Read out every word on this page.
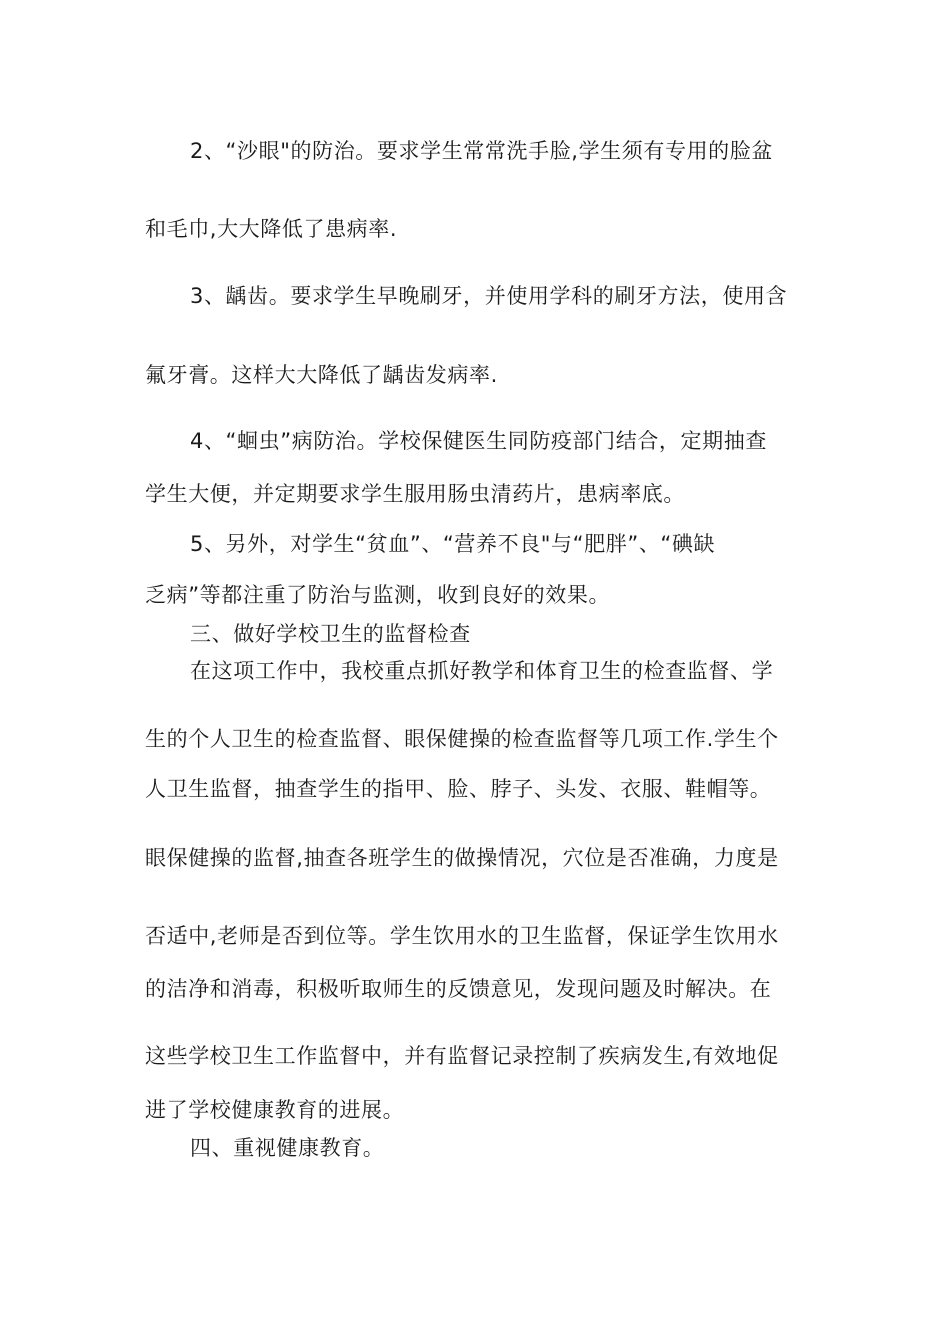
2、“沙眼"的防治。要求学生常常洗手脸,学生须有专用的脸盆
和毛巾,大大降低了患病率.
3、龋齿。要求学生早晚刷牙，并使用学科的刷牙方法，使用含
氟牙膏。这样大大降低了龋齿发病率.
4、“蛔虫”病防治。学校保健医生同防疫部门结合，定期抽查
学生大便，并定期要求学生服用肠虫清药片，患病率底。
5、另外，对学生“贫血”、“营养不良"与“肥胖”、“碘缺
乏病”等都注重了防治与监测，收到良好的效果。
三、做好学校卫生的监督检查
在这项工作中，我校重点抓好教学和体育卫生的检查监督、学
生的个人卫生的检查监督、眼保健操的检查监督等几项工作.学生个
人卫生监督，抽查学生的指甲、脸、脖子、头发、衣服、鞋帽等。
眼保健操的监督,抽查各班学生的做操情况，穴位是否准确，力度是
否适中,老师是否到位等。学生饮用水的卫生监督，保证学生饮用水
的洁净和消毒，积极听取师生的反馈意见，发现问题及时解决。在
这些学校卫生工作监督中，并有监督记录控制了疾病发生,有效地促
进了学校健康教育的进展。
四、重视健康教育。
